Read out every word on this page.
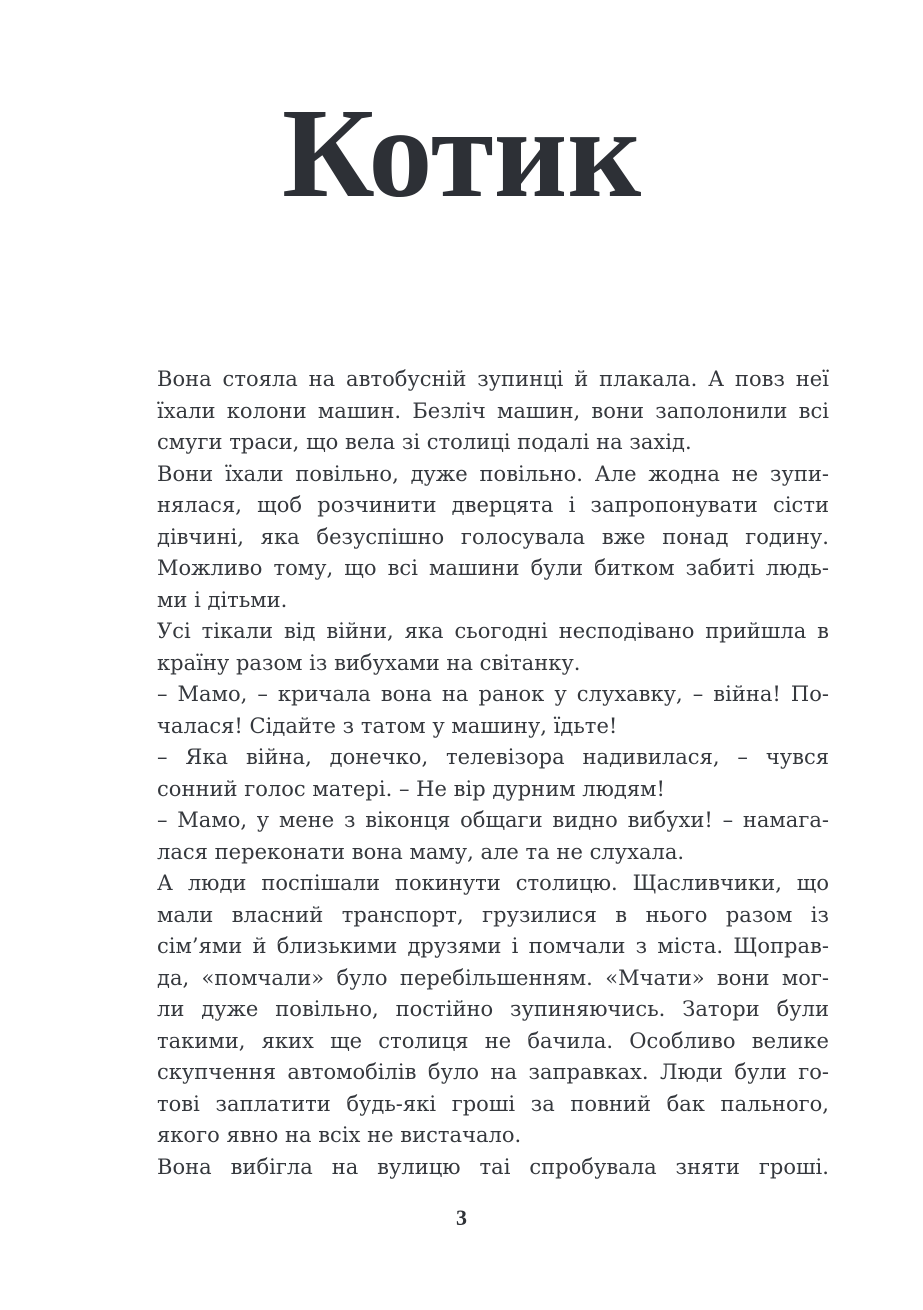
Котик
Вона стояла на автобусній зупинці й плакала. А повз неї
їхали колони машин. Безліч машин, вони заполонили всі
смуги траси, що вела зі столиці подалі на захід.
Вони їхали повільно, дуже повільно. Але жодна не зупи-
нялася, щоб розчинити дверцята і запропонувати сісти
дівчині, яка безуспішно голосувала вже понад годину.
Можливо тому, що всі машини були битком забиті людь-
ми і дітьми.
Усі тікали від війни, яка сьогодні несподівано прийшла в
країну разом із вибухами на світанку.
– Мамо, – кричала вона на ранок у слухавку, – війна! По-
чалася! Сідайте з татом у машину, їдьте!
– Яка війна, донечко, телевізора надивилася, – чувся
сонний голос матері. – Не вір дурним людям!
– Мамо, у мене з віконця общаги видно вибухи! – намага-
лася переконати вона маму, але та не слухала.
А люди поспішали покинути столицю. Щасливчики, що
мали власний транспорт, грузилися в нього разом із
сім’ями й близькими друзями і помчали з міста. Щоправ-
да, «помчали» було перебільшенням. «Мчати» вони мог-
ли дуже повільно, постійно зупиняючись. Затори були
такими, яких ще столиця не бачила. Особливо велике
скупчення автомобілів було на заправках. Люди були го-
тові заплатити будь-які гроші за повний бак пального,
якого явно на всіх не вистачало.
Вона вибігла на вулицю таі спробувала зняти гроші.
3
